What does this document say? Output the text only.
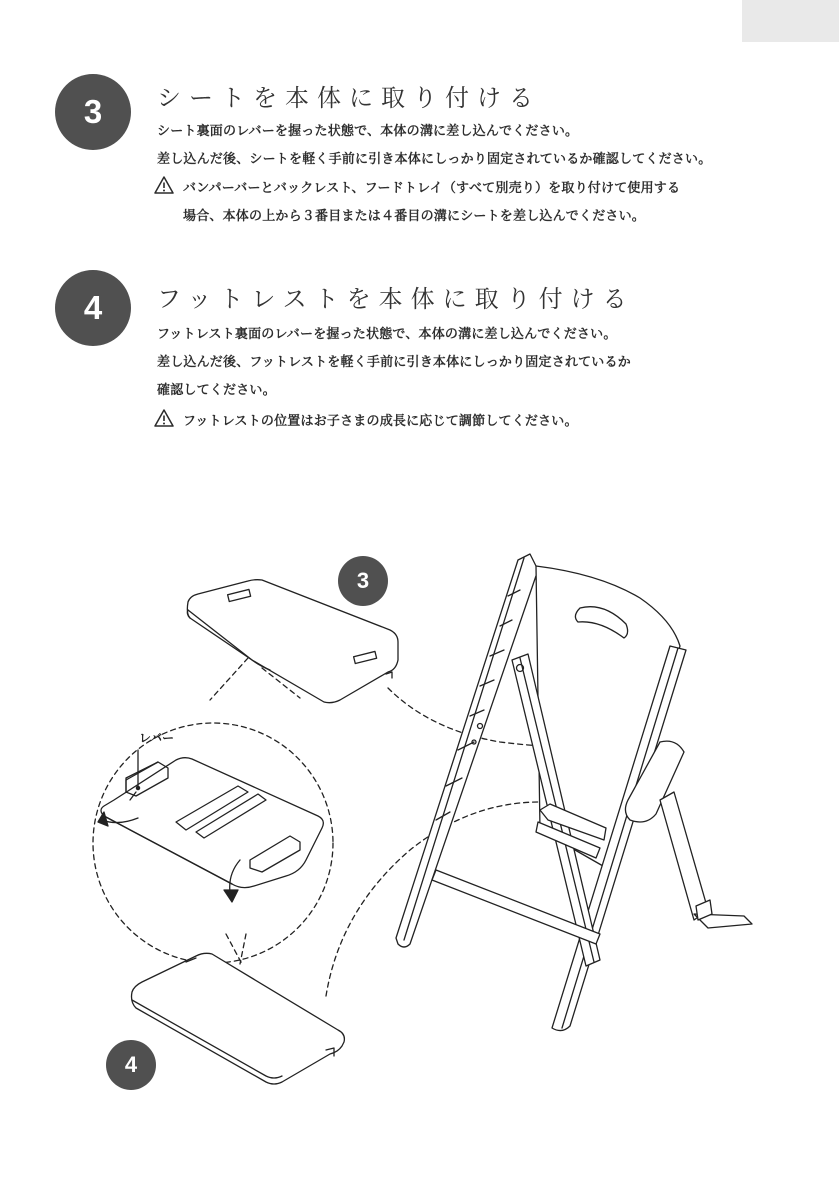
3 シートを本体に取り付ける
シート裏面のレバーを握った状態で、本体の溝に差し込んでください。
差し込んだ後、シートを軽く手前に引き本体にしっかり固定されているか確認してください。
バンパーバーとバックレスト、フードトレイ（すべて別売り）を取り付けて使用する
場合、本体の上から３番目または４番目の溝にシートを差し込んでください。
4 フットレストを本体に取り付ける
フットレスト裏面のレバーを握った状態で、本体の溝に差し込んでください。
差し込んだ後、フットレストを軽く手前に引き本体にしっかり固定されているか
確認してください。
フットレストの位置はお子さまの成長に応じて調節してください。
3
4
レバー
